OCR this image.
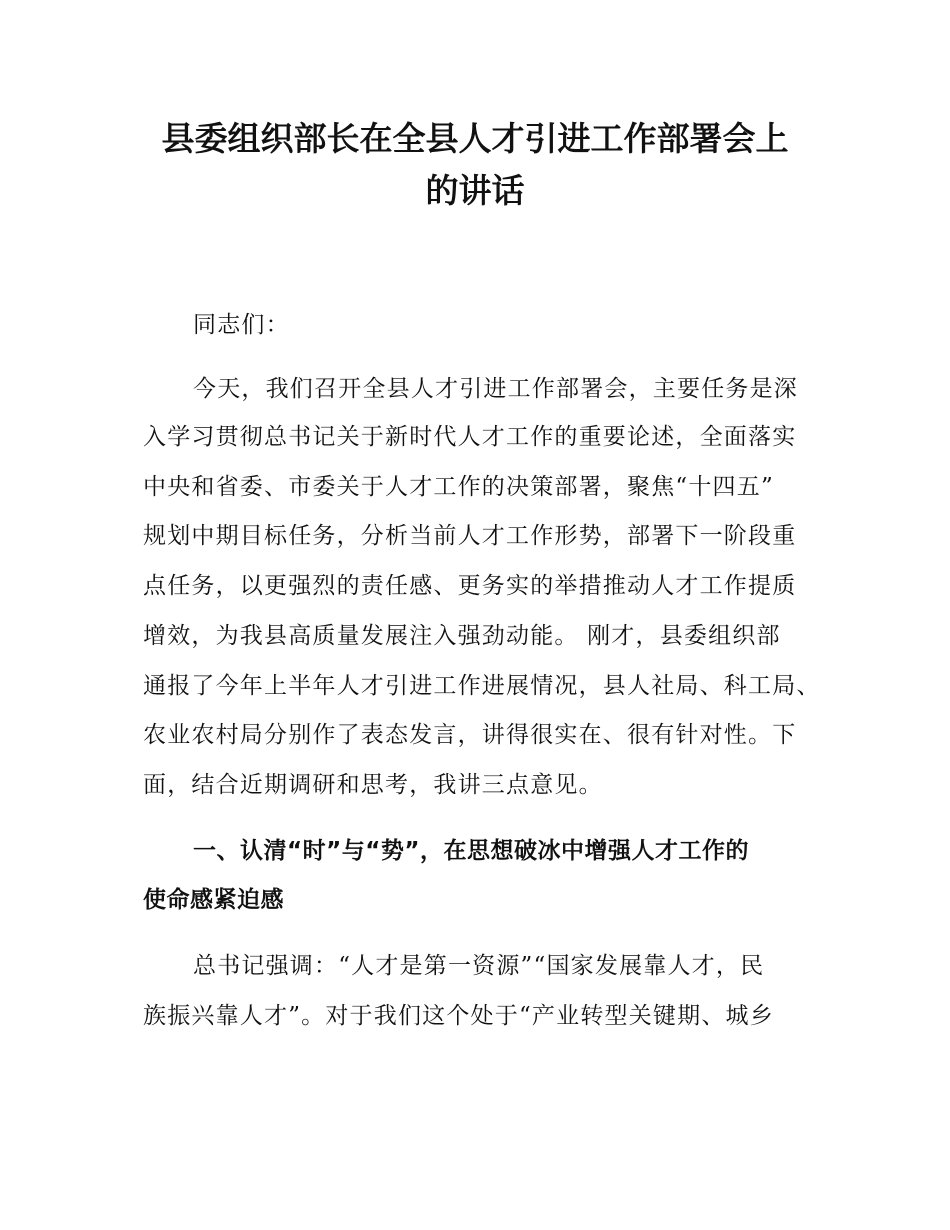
县委组织部长在全县人才引进工作部署会上
的讲话
同志们：
今天，我们召开全县人才引进工作部署会，主要任务是深
入学习贯彻总书记关于新时代人才工作的重要论述，全面落实
中央和省委、市委关于人才工作的决策部署，聚焦“十四五”
规划中期目标任务，分析当前人才工作形势，部署下一阶段重
点任务，以更强烈的责任感、更务实的举措推动人才工作提质
增效，为我县高质量发展注入强劲动能。 刚才，县委组织部
通报了今年上半年人才引进工作进展情况，县人社局、科工局、
农业农村局分别作了表态发言，讲得很实在、很有针对性。下
面，结合近期调研和思考，我讲三点意见。
一、认清“时”与“势”，在思想破冰中增强人才工作的
使命感紧迫感
总书记强调：“人才是第一资源”“国家发展靠人才，民
族振兴靠人才”。对于我们这个处于“产业转型关键期、城乡
